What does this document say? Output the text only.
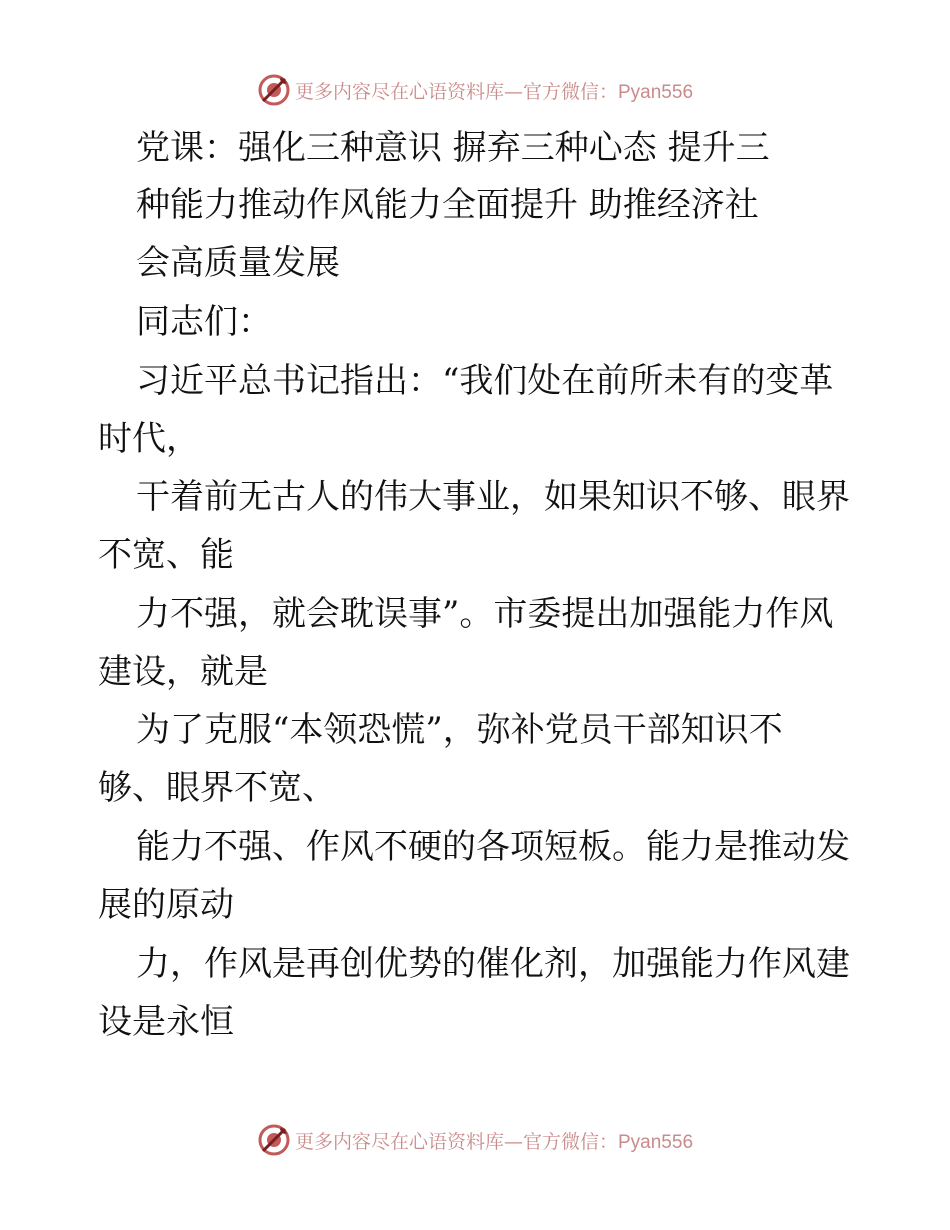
更多内容尽在心语资料库—官方微信：Pyan556
党课：强化三种意识 摒弃三种心态 提升三
种能力推动作风能力全面提升 助推经济社
会高质量发展
同志们：
习近平总书记指出：“我们处在前所未有的变革
时代，
干着前无古人的伟大事业，如果知识不够、眼界
不宽、能
力不强，就会耽误事”。市委提出加强能力作风
建设，就是
为了克服“本领恐慌”，弥补党员干部知识不
够、眼界不宽、
能力不强、作风不硬的各项短板。能力是推动发
展的原动
力，作风是再创优势的催化剂，加强能力作风建
设是永恒
更多内容尽在心语资料库—官方微信：Pyan556
